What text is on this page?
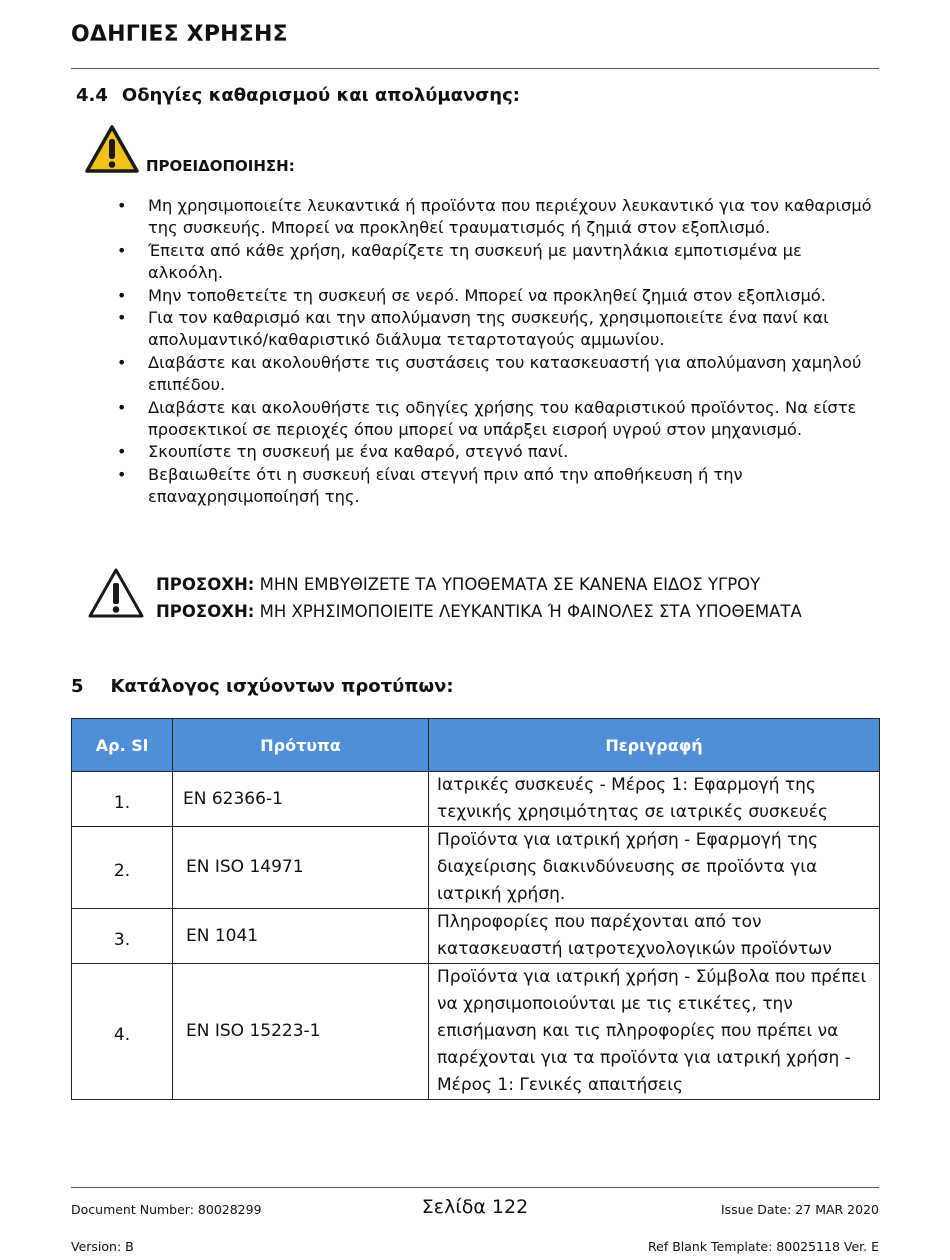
ΟΔΗΓΙΕΣ ΧΡΗΣΗΣ
4.4 Οδηγίες καθαρισμού και απολύμανσης:
ΠΡΟΕΙΔΟΠΟΙΗΣΗ:
• Μη χρησιμοποιείτε λευκαντικά ή προϊόντα που περιέχουν λευκαντικό για τον καθαρισμό της συσκευής. Μπορεί να προκληθεί τραυματισμός ή ζημιά στον εξοπλισμό.
• Έπειτα από κάθε χρήση, καθαρίζετε τη συσκευή με μαντηλάκια εμποτισμένα με αλκοόλη.
• Μην τοποθετείτε τη συσκευή σε νερό. Μπορεί να προκληθεί ζημιά στον εξοπλισμό.
• Για τον καθαρισμό και την απολύμανση της συσκευής, χρησιμοποιείτε ένα πανί και απολυμαντικό/καθαριστικό διάλυμα τεταρτοταγούς αμμωνίου.
• Διαβάστε και ακολουθήστε τις συστάσεις του κατασκευαστή για απολύμανση χαμηλού επιπέδου.
• Διαβάστε και ακολουθήστε τις οδηγίες χρήσης του καθαριστικού προϊόντος. Να είστε προσεκτικοί σε περιοχές όπου μπορεί να υπάρξει εισροή υγρού στον μηχανισμό.
• Σκουπίστε τη συσκευή με ένα καθαρό, στεγνό πανί.
• Βεβαιωθείτε ότι η συσκευή είναι στεγνή πριν από την αποθήκευση ή την επαναχρησιμοποίησή της.
ΠΡΟΣΟΧΗ: ΜΗΝ ΕΜΒΥΘΙΖΕΤΕ ΤΑ ΥΠΟΘΕΜΑΤΑ ΣΕ ΚΑΝΕΝΑ ΕΙΔΟΣ ΥΓΡΟΥ
ΠΡΟΣΟΧΗ: ΜΗ ΧΡΗΣΙΜΟΠΟΙΕΙΤΕ ΛΕΥΚΑΝΤΙΚΑ Ή ΦΑΙΝΟΛΕΣ ΣΤΑ ΥΠΟΘΕΜΑΤΑ
5 Κατάλογος ισχύοντων προτύπων:
Αρ. Sl	Πρότυπα	Περιγραφή
1.	EN 62366-1	Ιατρικές συσκευές - Μέρος 1: Εφαρμογή της τεχνικής χρησιμότητας σε ιατρικές συσκευές
2.	EN ISO 14971	Προϊόντα για ιατρική χρήση - Εφαρμογή της διαχείρισης διακινδύνευσης σε προϊόντα για ιατρική χρήση.
3.	EN 1041	Πληροφορίες που παρέχονται από τον κατασκευαστή ιατροτεχνολογικών προϊόντων
4.	EN ISO 15223-1	Προϊόντα για ιατρική χρήση - Σύμβολα που πρέπει να χρησιμοποιούνται με τις ετικέτες, την επισήμανση και τις πληροφορίες που πρέπει να παρέχονται για τα προϊόντα για ιατρική χρήση - Μέρος 1: Γενικές απαιτήσεις
Document Number: 80028299	Σελίδα 122	Issue Date: 27 MAR 2020
Version: B	Ref Blank Template: 80025118 Ver. E
